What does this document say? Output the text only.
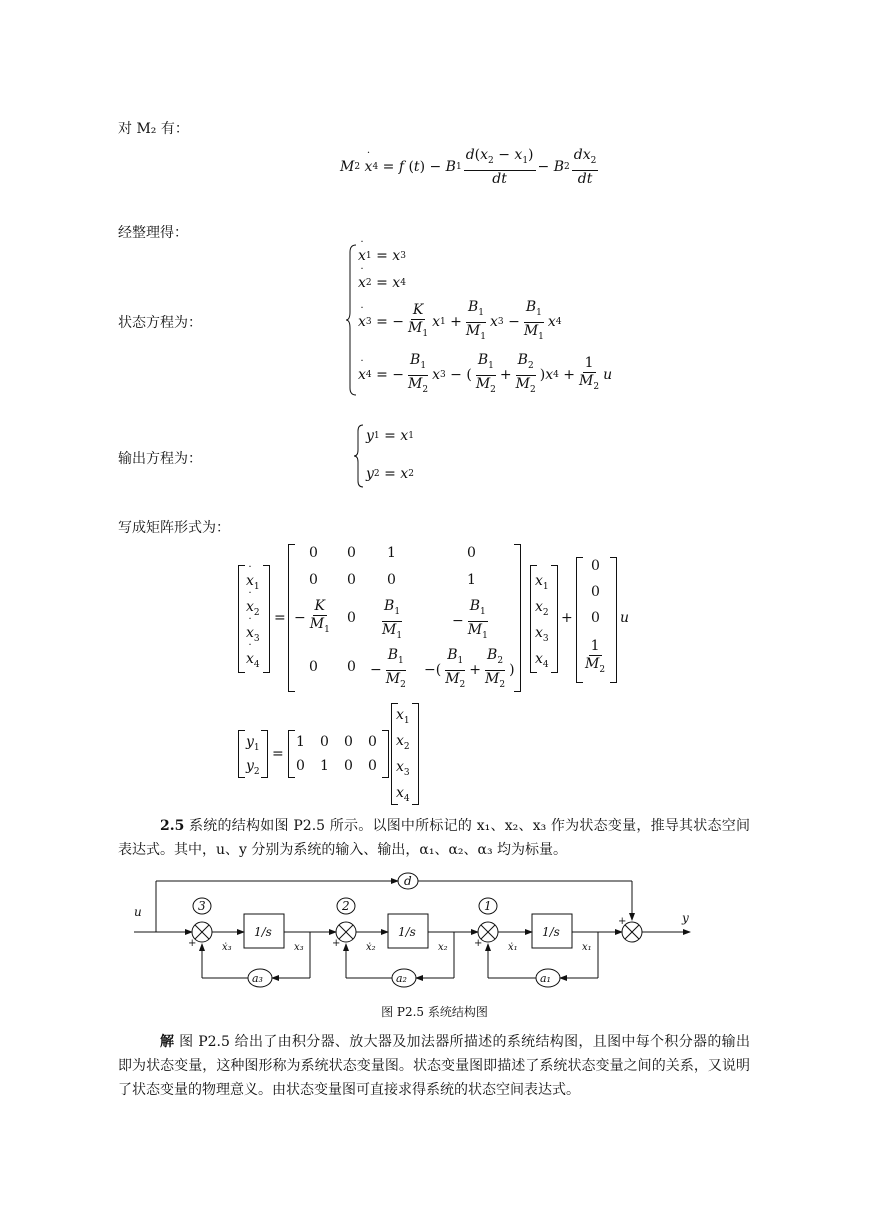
对 M₂ 有：
M 2

˙ x 4 = f ( t ) − B $1 \frac{d(x_2 - x_1)}{dt} - B$ $2 \frac{dx_2}{dt}$
经整理得：
状态方程为：
˙ x 1 = x 3
˙ x 2 = x 4
˙ x 3 = − $\frac{K}{M_1}$ x $1 + \frac{B_1}{M_1}$ x $3 - \frac{B_1}{M_1}$ x 4
˙ x 4 = − $\frac{B_1}{M_2}$ x 3 − ( $\frac{B_1}{M_2} + \frac{B_2}{M_2}$ ) x $4 + \frac{1}{M_2}$ u
输出方程为：
y 1 = x 1
y 2 = x 2
写成矩阵形式为：
˙ $x_1$
˙ $x_2$
˙ $x_3$
˙ $x_4$
=
0 0 1	0
0 0 0	1
− $\frac{K}{M_1} 0 \frac{B_1}{M_1}$	− $\frac{B_1}{M_1}$
0 $0 - \frac{B_1}{M_2}$ −( $\frac{B_1}{M_2} + \frac{B_2}{M_2}$ )
$x_1$
$x_2$
$x_3$
$x_4$
+
0
0
0
$\frac{1}{M_2}$
u
$y_1$
$y_2$
=
1 0 0 0
0 1 0 0
$x_1$
$x_2$
$x_3$
$x_4$
2.5 系统的结构如图 P2.5 所示。以图中所标记的 x₁、x₂、x₃ 作为状态变量，推导其状态空间表达式。其中，u、y 分别为系统的输入、输出，α₁、α₂、α₃ 均为标量。
u	y
d
3	2	1
1/s	1/s	1/s
a₃	a₂	a₁
ẋ₃	x₃	ẋ₂	x₂	ẋ₁	x₁
+	+	+
+
图 P2.5 系统结构图
解 图 P2.5 给出了由积分器、放大器及加法器所描述的系统结构图，且图中每个积分器的输出即为状态变量，这种图形称为系统状态变量图。状态变量图即描述了系统状态变量之间的关系，又说明了状态变量的物理意义。由状态变量图可直接求得系统的状态空间表达式。
